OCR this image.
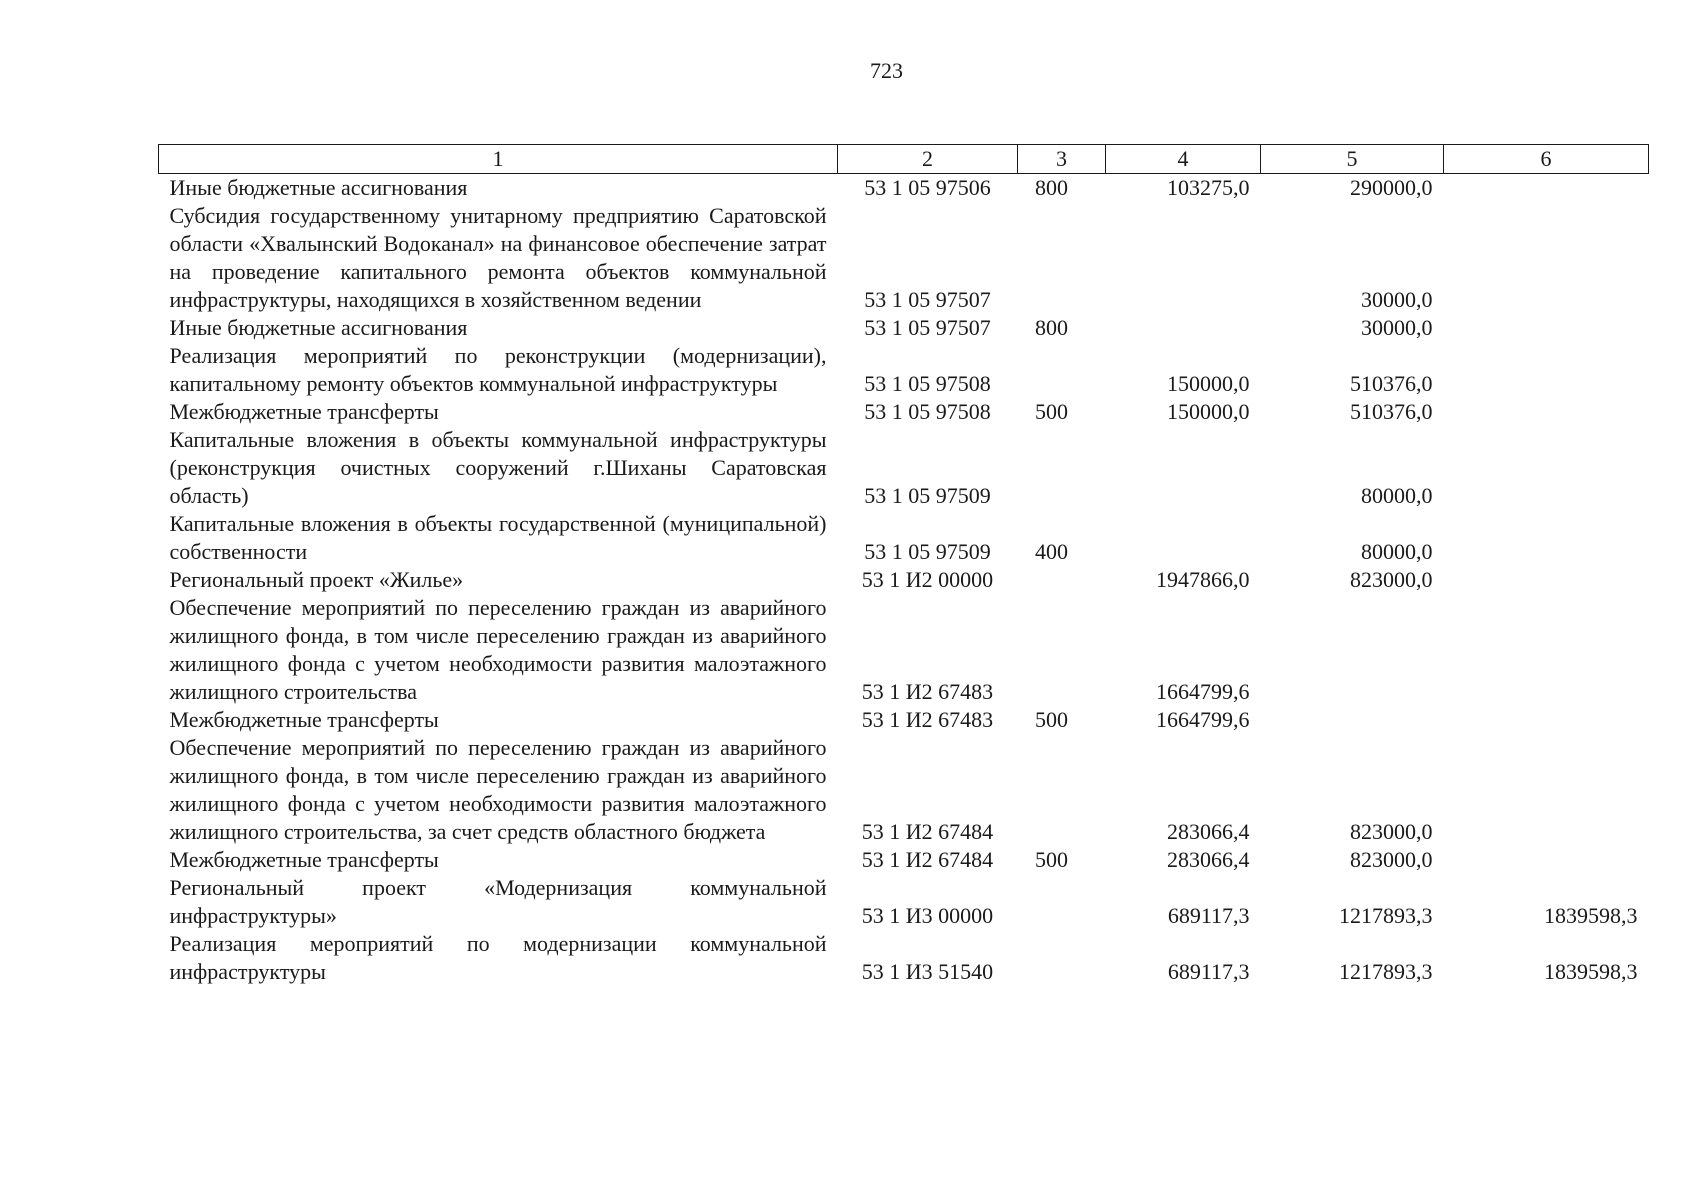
723
1	2	3	4	5	6
Иные бюджетные ассигнования	53 1 05 97506	800	103275,0	290000,0	
Субсидия государственному унитарному предприятию Саратовской области «Хвалынский Водоканал» на финансовое обеспечение затрат на проведение капитального ремонта объектов коммунальной инфраструктуры, находящихся в хозяйственном ведении	53 1 05 97507			30000,0	
Иные бюджетные ассигнования	53 1 05 97507	800		30000,0	
Реализация мероприятий по реконструкции (модернизации), капитальному ремонту объектов коммунальной инфраструктуры	53 1 05 97508		150000,0	510376,0	
Межбюджетные трансферты	53 1 05 97508	500	150000,0	510376,0	
Капитальные вложения в объекты коммунальной инфраструктуры (реконструкция очистных сооружений г.Шиханы Саратовская область)	53 1 05 97509			80000,0	
Капитальные вложения в объекты государственной (муниципальной) собственности	53 1 05 97509	400		80000,0	
Региональный проект «Жилье»	53 1 И2 00000		1947866,0	823000,0	
Обеспечение мероприятий по переселению граждан из аварийного жилищного фонда, в том числе переселению граждан из аварийного жилищного фонда с учетом необходимости развития малоэтажного жилищного строительства	53 1 И2 67483		1664799,6		
Межбюджетные трансферты	53 1 И2 67483	500	1664799,6		
Обеспечение мероприятий по переселению граждан из аварийного жилищного фонда, в том числе переселению граждан из аварийного жилищного фонда с учетом необходимости развития малоэтажного жилищного строительства, за счет средств областного бюджета	53 1 И2 67484		283066,4	823000,0	
Межбюджетные трансферты	53 1 И2 67484	500	283066,4	823000,0	
Региональный проект «Модернизация коммунальной инфраструктуры»	53 1 И3 00000		689117,3	1217893,3	1839598,3
Реализация мероприятий по модернизации коммунальной инфраструктуры	53 1 И3 51540		689117,3	1217893,3	1839598,3
